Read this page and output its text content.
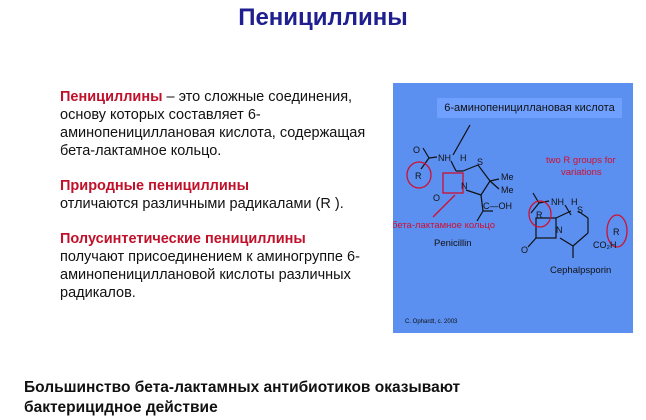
Пенициллины

Пенициллины – это сложные соединения, основу которых составляет 6-аминопенициллановая кислота, содержащая бета-лактамное кольцо.

Природные пенициллины
отличаются различными радикалами (R ).

Полусинтетические пенициллины
получают присоединением к аминогруппе 6-аминопенициллановой кислоты различных радикалов.

R
O
NH H S
N
Me
Me
C—OH
O
R
NH H
S
N	R
CO₂H
O
бета-лактамное кольцо
Penicillin
two R groups for
variations
Cephalpsporin
C. Ophardt, c. 2003
6-аминопенициллановая кислота
Большинство бета-лактамных антибиотиков оказывают
бактерицидное действие
